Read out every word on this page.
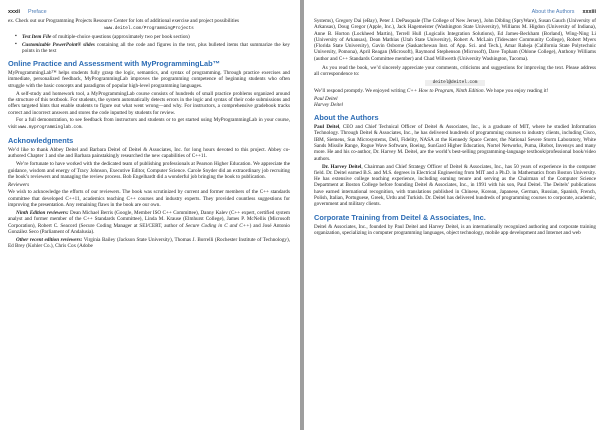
xxxii Preface

ex. Check out our Programming Projects Resource Center for lots of additional exercise and project possibilities

www.deitel.com/ProgrammingProjects
▪ Test Item File of multiple-choice questions (approximately two per book section)
▪ Customizable PowerPoint® slides containing all the code and figures in the text, plus bulleted items that summarize the key points in the text
Online Practice and Assessment with MyProgrammingLab™

MyProgrammingLab™ helps students fully grasp the logic, semantics, and syntax of programming. Through practice exercises and immediate, personalized feedback, MyProgrammingLab improves the programming competence of beginning students who often struggle with the basic concepts and paradigms of popular high-level programming languages.

A self-study and homework tool, a MyProgrammingLab course consists of hundreds of small practice problems organized around the structure of this textbook. For students, the system automatically detects errors in the logic and syntax of their code submissions and offers targeted hints that enable students to figure out what went wrong—and why. For instructors, a comprehensive gradebook tracks correct and incorrect answers and stores the code inputted by students for review.

For a full demonstration, to see feedback from instructors and students or to get started using MyProgrammingLab in your course, visit www.myprogramminglab.com.

Acknowledgments

We’d like to thank Abbey Deitel and Barbara Deitel of Deitel & Associates, Inc. for long hours devoted to this project. Abbey co-authored Chapter 1 and she and Barbara painstakingly researched the new capabilities of C++11.

We’re fortunate to have worked with the dedicated team of publishing professionals at Pearson Higher Education. We appreciate the guidance, wisdom and energy of Tracy Johnson, Executive Editor, Computer Science. Carole Snyder did an extraordinary job recruiting the book’s reviewers and managing the review process. Bob Engelhardt did a wonderful job bringing the book to publication.

Reviewers

We wish to acknowledge the efforts of our reviewers. The book was scrutinized by current and former members of the C++ standards committee that developed C++11, academics teaching C++ courses and industry experts. They provided countless suggestions for improving the presentation. Any remaining flaws in the book are our own.

Ninth Edition reviewers: Dean Michael Berris (Google, Member ISO C++ Committee), Danny Kalev (C++ expert, certified system analyst and former member of the C++ Standards Committee), Linda M. Krause (Elmhurst College), James P. McNellis (Microsoft Corporation), Robert C. Seacord (Secure Coding Manager at SEI/CERT, author of Secure Coding in C and C++) and José Antonio González Seco (Parliament of Andalusia).

Other recent edition reviewers: Virginia Bailey (Jackson State University), Thomas J. Borrelli (Rochester Institute of Technology), Ed Brey (Kohler Co.), Chris Cox (Adobe

About the Authors xxxiii

Systems), Gregory Dai (eBay), Peter J. DePasquale (The College of New Jersey), John Dibling (SpryWare), Susan Gauch (University of Arkansas), Doug Gregor (Apple, Inc.), Jack Hagemeister (Washington State University), Williams M. Higdon (University of Indiana), Anne B. Horton (Lockheed Martin), Terrell Hull (Logicalis Integration Solutions), Ed James-Beckham (Borland), Wing-Ning Li (University of Arkansas), Dean Mathias (Utah State University), Robert A. McLain (Tidewater Community College), Robert Myers (Florida State University), Gavin Osborne (Saskatchewan Inst. of App. Sci. and Tech.), Amar Raheja (California State Polytechnic University, Pomona), April Reagan (Microsoft), Raymond Stephenson (Microsoft), Dave Topham (Ohlone College), Anthony Williams (author and C++ Standards Committee member) and Chad Willwerth (University Washington, Tacoma).

As you read the book, we’d sincerely appreciate your comments, criticisms and suggestions for improving the text. Please address all correspondence to:

deitel@deitel.com

We’ll respond promptly. We enjoyed writing C++ How to Program, Ninth Edition. We hope you enjoy reading it!

Paul Deitel

Harvey Deitel

About the Authors

Paul Deitel, CEO and Chief Technical Officer of Deitel & Associates, Inc., is a graduate of MIT, where he studied Information Technology. Through Deitel & Associates, Inc., he has delivered hundreds of programming courses to industry clients, including Cisco, IBM, Siemens, Sun Microsystems, Dell, Fidelity, NASA at the Kennedy Space Center, the National Severe Storm Laboratory, White Sands Missile Range, Rogue Wave Software, Boeing, SunGard Higher Education, Nortel Networks, Puma, iRobot, Invensys and many more. He and his co-author, Dr. Harvey M. Deitel, are the world’s best-selling programming-language textbook/professional book/video authors.

Dr. Harvey Deitel, Chairman and Chief Strategy Officer of Deitel & Associates, Inc., has 50 years of experience in the computer field. Dr. Deitel earned B.S. and M.S. degrees in Electrical Engineering from MIT and a Ph.D. in Mathematics from Boston University. He has extensive college teaching experience, including earning tenure and serving as the Chairman of the Computer Science Department at Boston College before founding Deitel & Associates, Inc., in 1991 with his son, Paul Deitel. The Deitels’ publications have earned international recognition, with translations published in Chinese, Korean, Japanese, German, Russian, Spanish, French, Polish, Italian, Portuguese, Greek, Urdu and Turkish. Dr. Deitel has delivered hundreds of programming courses to corporate, academic, government and military clients.

Corporate Training from Deitel & Associates, Inc.

Deitel & Associates, Inc., founded by Paul Deitel and Harvey Deitel, is an internationally recognized authoring and corporate training organization, specializing in computer programming languages, object technology, mobile app development and Internet and web
